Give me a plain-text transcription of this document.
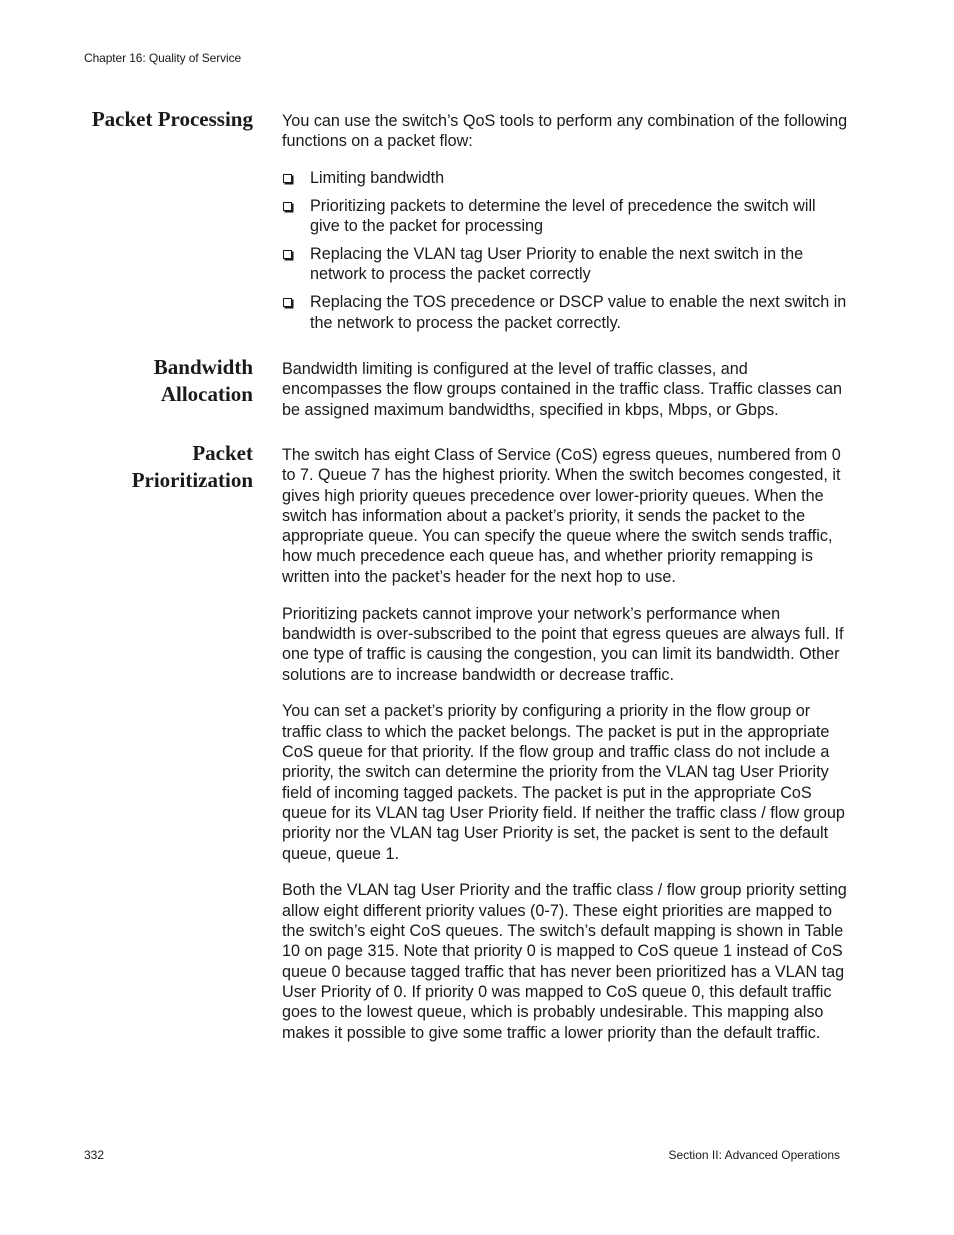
Chapter 16: Quality of Service
Packet Processing You can use the switch’s QoS tools to perform any combination of the following functions on a packet flow:

Limiting bandwidth
Prioritizing packets to determine the level of precedence the switch will give to the packet for processing
Replacing the VLAN tag User Priority to enable the next switch in the network to process the packet correctly
Replacing the TOS precedence or DSCP value to enable the next switch in the network to process the packet correctly.
Bandwidth
Allocation

Bandwidth limiting is configured at the level of traffic classes, and encompasses the flow groups contained in the traffic class. Traffic classes can be assigned maximum bandwidths, specified in kbps, Mbps, or Gbps.

Packet
Prioritization

The switch has eight Class of Service (CoS) egress queues, numbered from 0 to 7. Queue 7 has the highest priority. When the switch becomes congested, it gives high priority queues precedence over lower-priority queues. When the switch has information about a packet’s priority, it sends the packet to the appropriate queue. You can specify the queue where the switch sends traffic, how much precedence each queue has, and whether priority remapping is written into the packet’s header for the next hop to use.

Prioritizing packets cannot improve your network’s performance when bandwidth is over-subscribed to the point that egress queues are always full. If one type of traffic is causing the congestion, you can limit its bandwidth. Other solutions are to increase bandwidth or decrease traffic.

You can set a packet’s priority by configuring a priority in the flow group or traffic class to which the packet belongs. The packet is put in the appropriate CoS queue for that priority. If the flow group and traffic class do not include a priority, the switch can determine the priority from the VLAN tag User Priority field of incoming tagged packets. The packet is put in the appropriate CoS queue for its VLAN tag User Priority field. If neither the traffic class / flow group priority nor the VLAN tag User Priority is set, the packet is sent to the default queue, queue 1.

Both the VLAN tag User Priority and the traffic class / flow group priority setting allow eight different priority values (0-7). These eight priorities are mapped to the switch’s eight CoS queues. The switch’s default mapping is shown in Table 10 on page 315. Note that priority 0 is mapped to CoS queue 1 instead of CoS queue 0 because tagged traffic that has never been prioritized has a VLAN tag User Priority of 0. If priority 0 was mapped to CoS queue 0, this default traffic goes to the lowest queue, which is probably undesirable. This mapping also makes it possible to give some traffic a lower priority than the default traffic.

332	Section II: Advanced Operations
